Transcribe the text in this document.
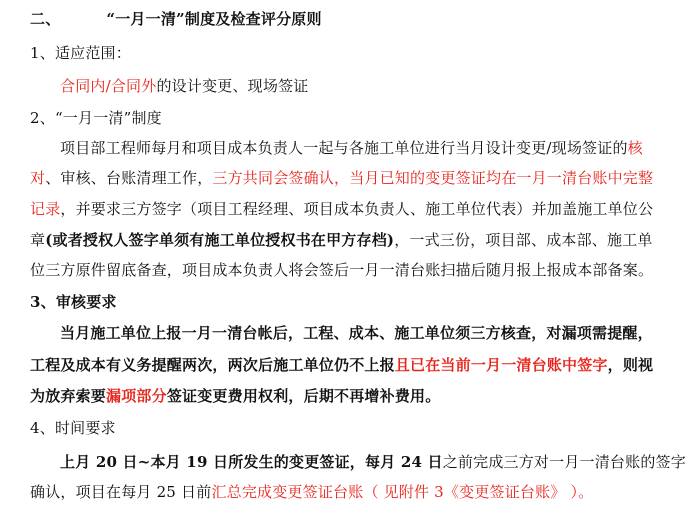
二、	“一月一清”制度及检查评分原则
1、适应范围：
合同内/合同外的设计变更、现场签证
2、“一月一清”制度
项目部工程师每月和项目成本负责人一起与各施工单位进行当月设计变更/现场签证的核
对、审核、台账清理工作，三方共同会签确认，当月已知的变更签证均在一月一清台账中完整
记录，并要求三方签字（项目工程经理、项目成本负责人、施工单位代表）并加盖施工单位公
章(或者授权人签字单须有施工单位授权书在甲方存档)，一式三份，项目部、成本部、施工单
位三方原件留底备查，项目成本负责人将会签后一月一清台账扫描后随月报上报成本部备案。
3、审核要求
当月施工单位上报一月一清台帐后，工程、成本、施工单位须三方核查，对漏项需提醒，
工程及成本有义务提醒两次，两次后施工单位仍不上报且已在当前一月一清台账中签字，则视
为放弃索要漏项部分签证变更费用权利，后期不再增补费用。
4、时间要求
上月 20 日~本月 19 日所发生的变更签证，每月 24 日之前完成三方对一月一清台账的签字
确认，项目在每月 25 日前汇总完成变更签证台账（ 见附件 3《变更签证台账》 ）。
